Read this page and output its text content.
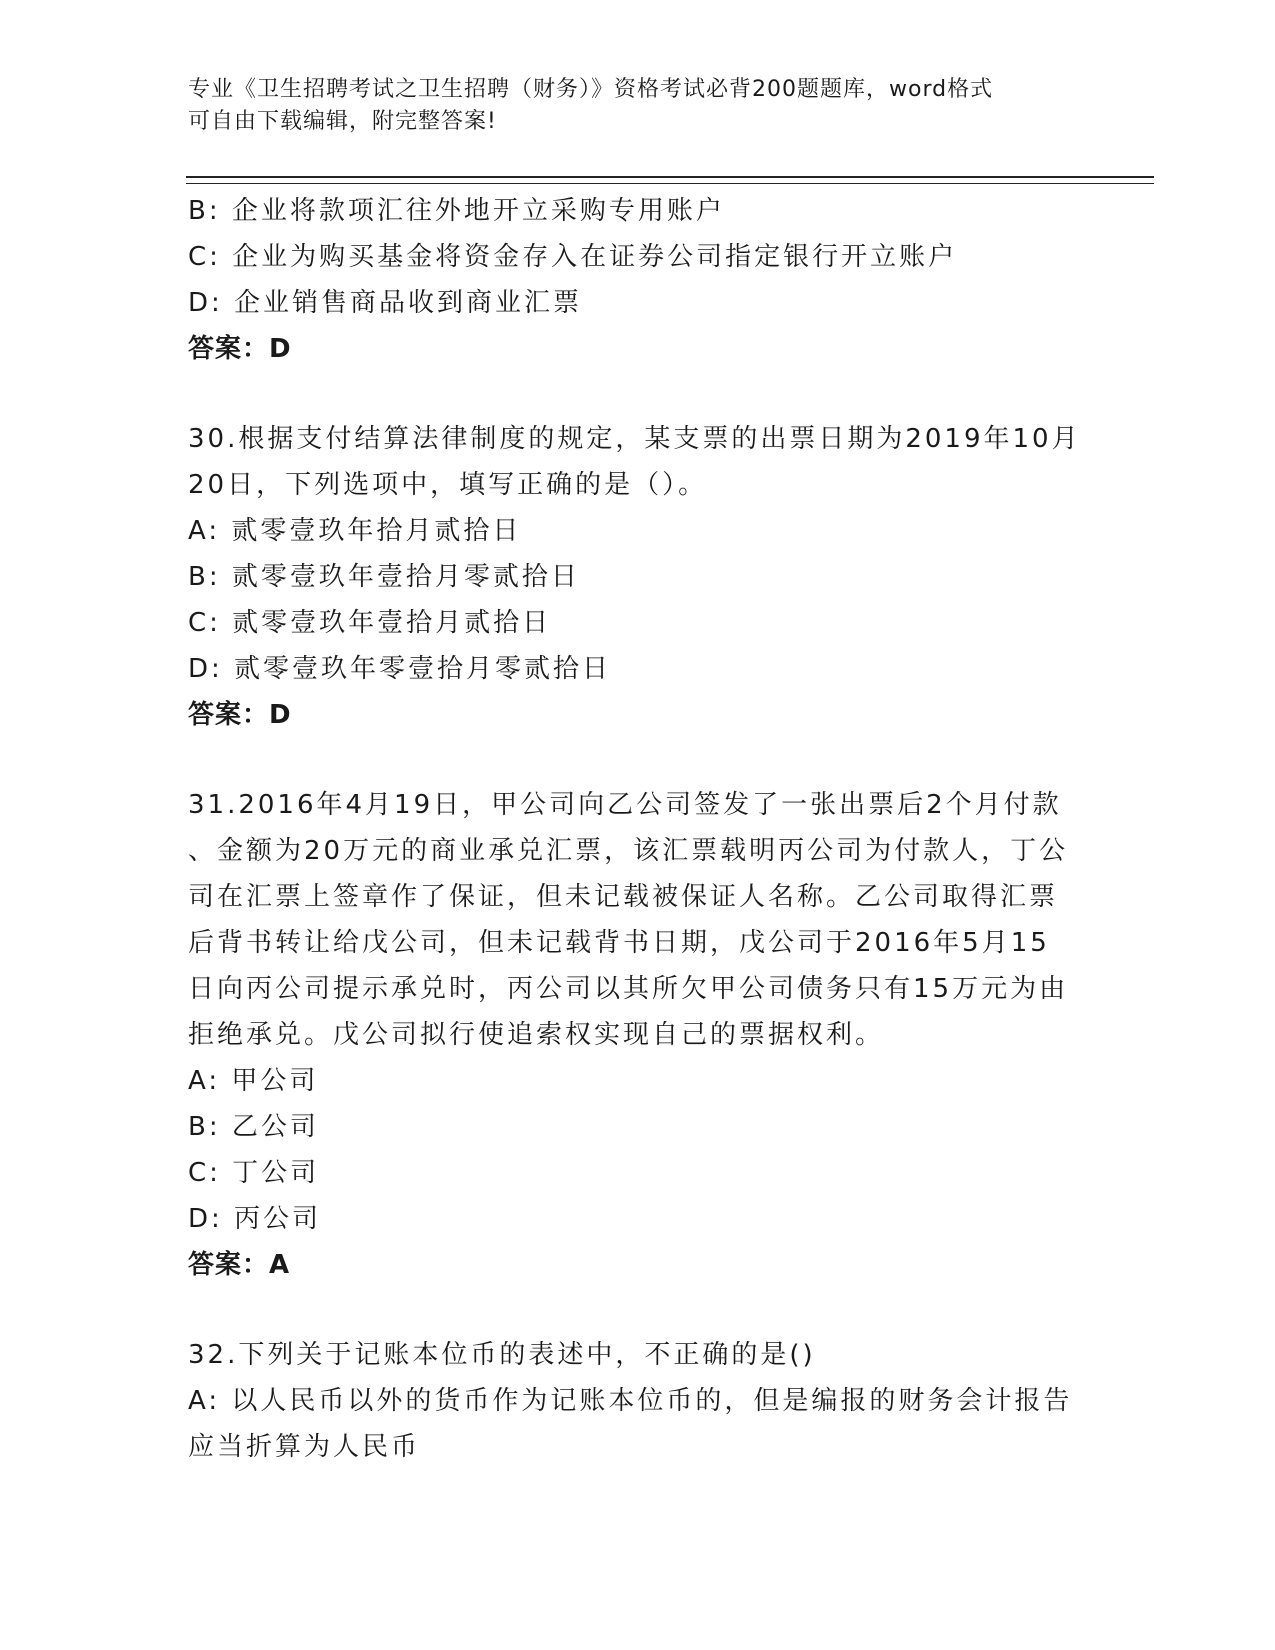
专业《卫生招聘考试之卫生招聘（财务）》资格考试必背200题题库，word格式
可自由下载编辑，附完整答案!
B: 企业将款项汇往外地开立采购专用账户
C: 企业为购买基金将资金存入在证券公司指定银行开立账户
D: 企业销售商品收到商业汇票
答案：D
30.根据支付结算法律制度的规定，某支票的出票日期为2019年10月
20日，下列选项中，填写正确的是（）。
A: 贰零壹玖年拾月贰拾日
B: 贰零壹玖年壹拾月零贰拾日
C: 贰零壹玖年壹拾月贰拾日
D: 贰零壹玖年零壹拾月零贰拾日
答案：D
31.2016年4月19日，甲公司向乙公司签发了一张出票后2个月付款
、金额为20万元的商业承兑汇票，该汇票载明丙公司为付款人，丁公
司在汇票上签章作了保证，但未记载被保证人名称。乙公司取得汇票
后背书转让给戊公司，但未记载背书日期，戊公司于2016年5月15
日向丙公司提示承兑时，丙公司以其所欠甲公司债务只有15万元为由
拒绝承兑。戊公司拟行使追索权实现自己的票据权利。
A: 甲公司
B: 乙公司
C: 丁公司
D: 丙公司
答案：A
32.下列关于记账本位币的表述中，不正确的是()
A: 以人民币以外的货币作为记账本位币的，但是编报的财务会计报告
应当折算为人民币
